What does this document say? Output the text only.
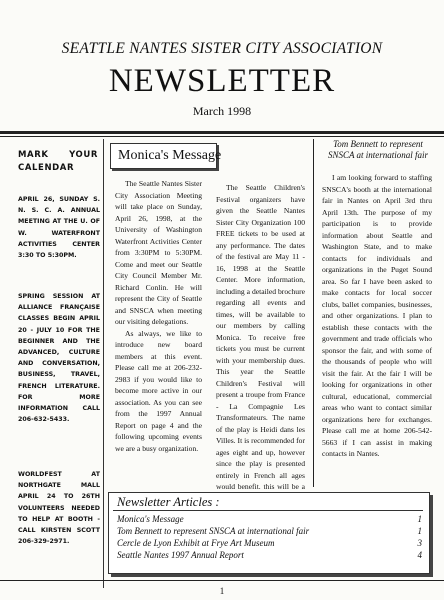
SEATTLE NANTES SISTER CITY ASSOCIATION
NEWSLETTER
March 1998
MARK YOUR
CALENDAR
APRIL 26, SUNDAY S. N. S. C. A. ANNUAL MEETING AT THE U. OF W. WATERFRONT ACTIVITIES CENTER 3:30 TO 5:30PM.
SPRING SESSION AT ALLIANCE FRANÇAISE CLASSES BEGIN APRIL 20 - JULY 10 FOR THE BEGINNER AND THE ADVANCED, CULTURE AND CONVERSATION, BUSINESS, TRAVEL, FRENCH LITERATURE. FOR MORE INFORMATION CALL 206-632-5433.
WORLDFEST AT NORTHGATE MALL APRIL 24 TO 26TH VOLUNTEERS NEEDED TO HELP AT BOOTH - CALL KIRSTEN SCOTT 206-329-2971.
Monica's Message

The Seattle Nantes Sister City Association Meeting will take place on Sunday, April 26, 1998, at the University of Washington Waterfront Activities Center from 3:30PM to 5:30PM. Come and meet our Seattle City Council Member Mr. Richard Conlin. He will represent the City of Seattle and SNSCA when meeting our visiting delegations.

As always, we like to introduce new board members at this event. Please call me at 206-232-2983 if you would like to become more active in our association. As you can see from the 1997 Annual Report on page 4 and the following upcoming events we are a busy organization.

The Seattle Children's Festival organizers have given the Seattle Nantes Sister City Organization 100 FREE tickets to be used at any performance. The dates of the festival are May 11 - 16, 1998 at the Seattle Center. More information, including a detailed brochure regarding all events and times, will be available to our members by calling Monica. To receive free tickets you must be current with your membership dues. This year the Seattle Children's Festival will present a troupe from France - La Compagnie Les Transformateurs. The name of the play is Heidi dans les Villes. It is recommended for ages eight and up, however since the play is presented entirely in French all ages would benefit. this will be a

Tom Bennett to represent SNSCA at international fair

I am looking forward to staffing SNSCA's booth at the international fair in Nantes on April 3rd thru April 13th. The purpose of my participation is to provide information about Seattle and Washington State, and to make contacts for individuals and organizations in the Puget Sound area. So far I have been asked to make contacts for local soccer clubs, ballet companies, businesses, and other organizations. I plan to establish these contacts with the government and trade officials who sponsor the fair, and with some of the thousands of people who will visit the fair. At the fair I will be looking for organizations in other cultural, educational, commercial areas who want to contact similar organizations here for exchanges. Please call me at home 206-542-5663 if I can assist in making contacts in Nantes.

Newsletter Articles :
Monica's Message	1
Tom Bennett to represent SNSCA at international fair	1
Cercle de Lyon Exhibit at Frye Art Museum	3
Seattle Nantes 1997 Annual Report	4
1
